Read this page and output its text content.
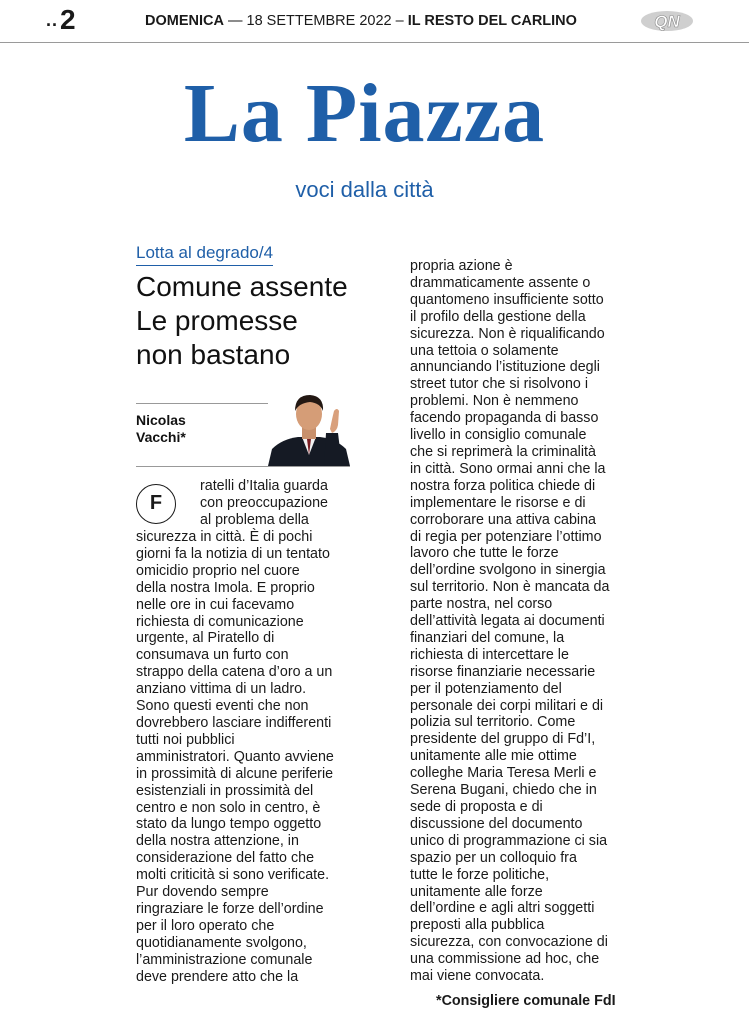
..2	DOMENICA — 18 SETTEMBRE 2022 – IL RESTO DEL CARLINO	QN
La Piazza
voci dalla città
Lotta al degrado/4
Comune assente
Le promesse
non bastano
Nicolas
Vacchi*
F
ratelli d’Italia guarda
con preoccupazione
al problema della
sicurezza in città. È di pochi
giorni fa la notizia di un tentato
omicidio proprio nel cuore
della nostra Imola. E proprio
nelle ore in cui facevamo
richiesta di comunicazione
urgente, al Piratello di
consumava un furto con
strappo della catena d’oro a un
anziano vittima di un ladro.
Sono questi eventi che non
dovrebbero lasciare indifferenti
tutti noi pubblici
amministratori. Quanto avviene
in prossimità di alcune periferie
esistenziali in prossimità del
centro e non solo in centro, è
stato da lungo tempo oggetto
della nostra attenzione, in
considerazione del fatto che
molti criticità si sono verificate.
Pur dovendo sempre
ringraziare le forze dell’ordine
per il loro operato che
quotidianamente svolgono,
l’amministrazione comunale
deve prendere atto che la
propria azione è
drammaticamente assente o
quantomeno insufficiente sotto
il profilo della gestione della
sicurezza. Non è riqualificando
una tettoia o solamente
annunciando l’istituzione degli
street tutor che si risolvono i
problemi. Non è nemmeno
facendo propaganda di basso
livello in consiglio comunale
che si reprimerà la criminalità
in città. Sono ormai anni che la
nostra forza politica chiede di
implementare le risorse e di
corroborare una attiva cabina
di regia per potenziare l’ottimo
lavoro che tutte le forze
dell’ordine svolgono in sinergia
sul territorio. Non è mancata da
parte nostra, nel corso
dell’attività legata ai documenti
finanziari del comune, la
richiesta di intercettare le
risorse finanziarie necessarie
per il potenziamento del
personale dei corpi militari e di
polizia sul territorio. Come
presidente del gruppo di Fd’I,
unitamente alle mie ottime
colleghe Maria Teresa Merli e
Serena Bugani, chiedo che in
sede di proposta e di
discussione del documento
unico di programmazione ci sia
spazio per un colloquio fra
tutte le forze politiche,
unitamente alle forze
dell’ordine e agli altri soggetti
preposti alla pubblica
sicurezza, con convocazione di
una commissione ad hoc, che
mai viene convocata.
*Consigliere comunale FdI
